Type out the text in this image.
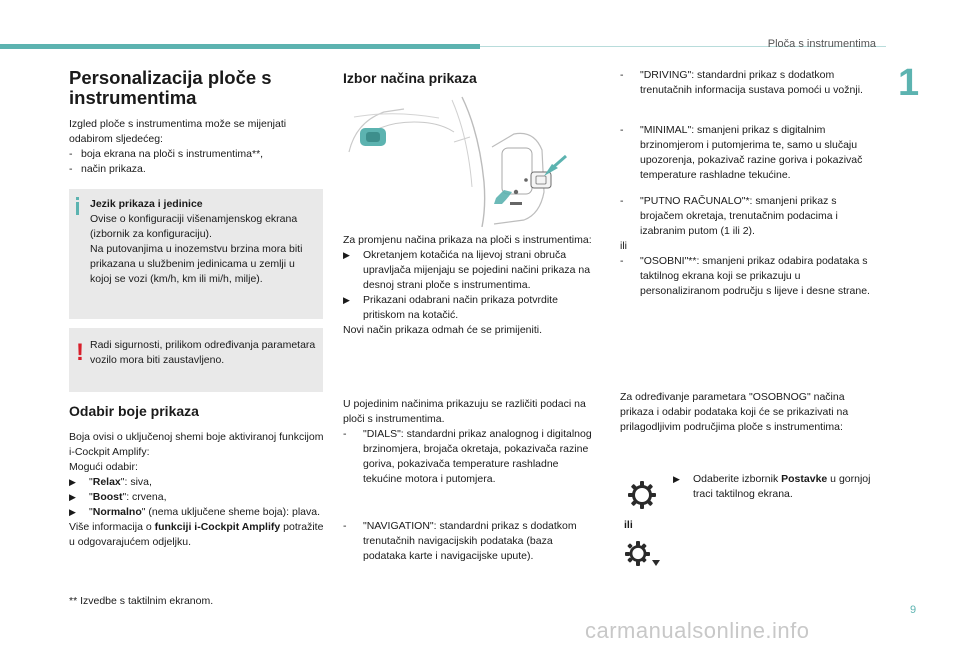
Ploča s instrumentima
1
Personalizacija ploče s instrumentima

Izgled ploče s instrumentima može se mijenjati odabirom sljedećeg:

- boja ekrana na ploči s instrumentima**,
- način prikaza.

Jezik prikaza i jedinice

Ovise o konfiguraciji višenamjenskog ekrana (izbornik za konfiguraciju).

Na putovanjima u inozemstvu brzina mora biti prikazana u službenim jedinicama u zemlji u kojoj se vozi (km/h, km ili mi/h, milje).

! Radi sigurnosti, prilikom određivanja parametara vozilo mora biti zaustavljeno.
Odabir boje prikaza

Boja ovisi o uključenoj shemi boje aktiviranoj funkcijom i-Cockpit Amplify:

Mogući odabir:

▶	"Relax": siva,
▶	"Boost": crvena,
▶	"Normalno" (nema uključene sheme boja): plava.

Više informacija o funkciji i-Cockpit Amplify potražite u odgovarajućem odjeljku.

** Izvedbe s taktilnim ekranom.
Izbor načina prikaza

Za promjenu načina prikaza na ploči s instrumentima:

▶	Okretanjem kotačića na lijevoj strani obruča upravljača mijenjaju se pojedini načini prikaza na desnoj strani ploče s instrumentima.
▶	Prikazani odabrani način prikaza potvrdite pritiskom na kotačić.

Novi način prikaza odmah će se primijeniti.

U pojedinim načinima prikazuju se različiti podaci na ploči s instrumentima.

-	"DIALS": standardni prikaz analognog i digitalnog brzinomjera, brojača okretaja, pokazivača razine goriva, pokazivača temperature rashladne tekućine motora i putomjera.
-	"NAVIGATION": standardni prikaz s dodatkom trenutačnih navigacijskih podataka (baza podataka karte i navigacijske upute).
-	"DRIVING": standardni prikaz s dodatkom trenutačnih informacija sustava pomoći u vožnji.
-	"MINIMAL": smanjeni prikaz s digitalnim brzinomjerom i putomjerima te, samo u slučaju upozorenja, pokazivač razine goriva i pokazivač temperature rashladne tekućine.
-	"PUTNO RAČUNALO"*: smanjeni prikaz s brojačem okretaja, trenutačnim podacima i izabranim putom (1 ili 2).

ili

-	"OSOBNI"**: smanjeni prikaz odabira podataka s taktilnog ekrana koji se prikazuju u personaliziranom području s lijeve i desne strane.
Za određivanje parametara "OSOBNOG" načina prikaza i odabir podataka koji će se prikazivati na prilagodljivim područjima ploče s instrumentima:
▶	Odaberite izbornik Postavke u gornjoj traci taktilnog ekrana.
ili
9
carmanualsonline.info
